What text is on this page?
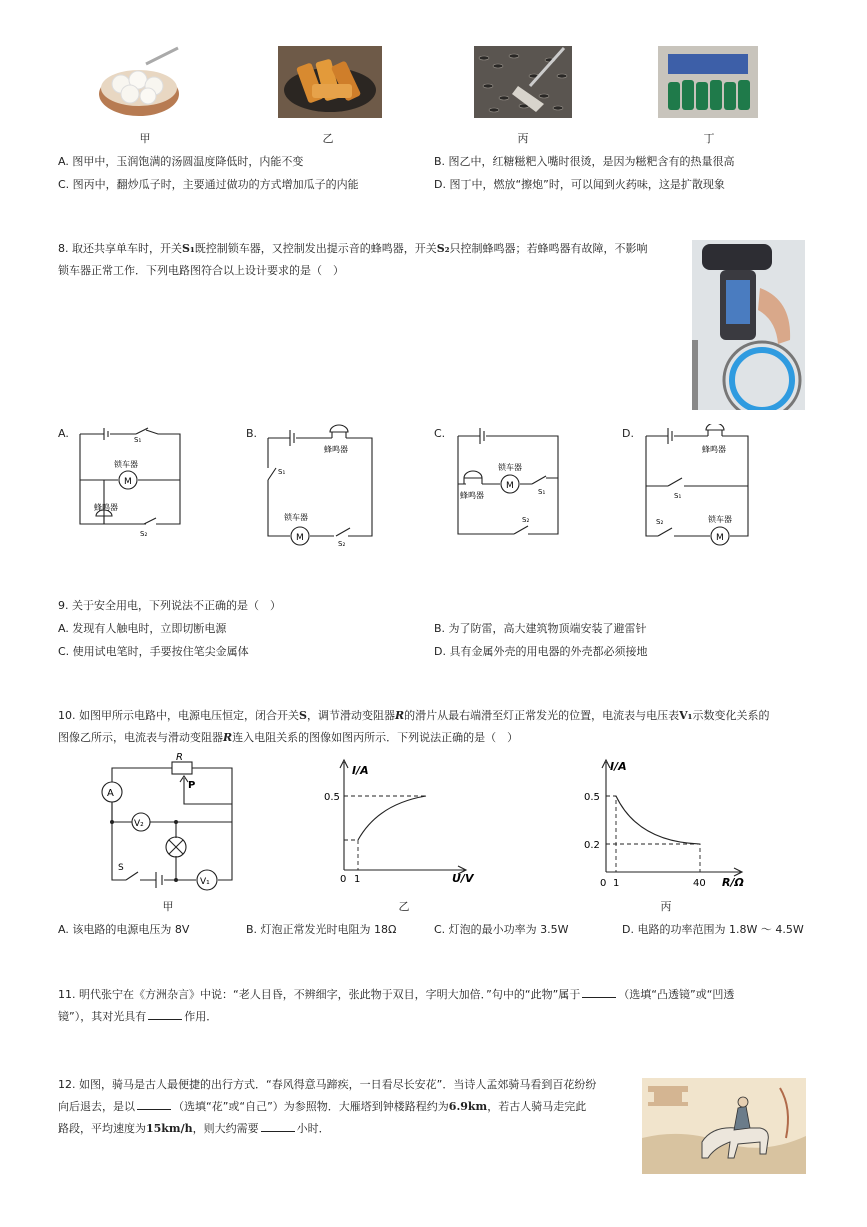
甲	乙	丙	丁
A. 图甲中，玉润饱满的汤圆温度降低时，内能不变	B. 图乙中，红糖糍粑入嘴时很烫，是因为糍粑含有的热量很高
C. 图丙中，翻炒瓜子时，主要通过做功的方式增加瓜子的内能	D. 图丁中，燃放“擦炮”时，可以闻到火药味，这是扩散现象
8. 取还共享单车时，开关S₁既控制锁车器，又控制发出提示音的蜂鸣器，开关S₂只控制蜂鸣器；若蜂鸣器有故障，不影响
锁车器正常工作．下列电路图符合以上设计要求的是（　）
A.	B.	C.	D.
M
锁车器
蜂鸣器
S₁
S₂	M
锁车器
蜂鸣器
S₁
S₂
M
锁车器
蜂鸣器	S₁
S₂
M
锁车器
蜂鸣器
S₁
S₂
9. 关于安全用电，下列说法不正确的是（　）
A. 发现有人触电时，立即切断电源	B. 为了防雷，高大建筑物顶端安装了避雷针
C. 使用试电笔时，手要按住笔尖金属体	D. 具有金属外壳的用电器的外壳都必须接地
10. 如图甲所示电路中，电源电压恒定，闭合开关S，调节滑动变阻器R的滑片从最右端滑至灯正常发光的位置，电流表与电压表V₁示数变化关系的
图像乙所示，电流表与滑动变阻器R连入电阻关系的图像如图丙所示．下列说法正确的是（　）
R
P
A
V₂
V₁
S
I/A
U/V
0.5
0 1
I/A
R/Ω
0.5
0.2
0 1	40
甲	乙	丙
A. 该电路的电源电压为 8V	B. 灯泡正常发光时电阻为 18Ω	C. 灯泡的最小功率为 3.5W	D. 电路的功率范围为 1.8W ～ 4.5W
11. 明代张宁在《方洲杂言》中说：“老人目昏，不辨细字，张此物于双目，字明大加倍．”句中的“此物”属于	（选填“凸透镜”或“凹透
镜”），其对光具有	作用．
12. 如图，骑马是古人最便捷的出行方式．“春风得意马蹄疾，一日看尽长安花”．当诗人孟郊骑马看到百花纷纷
向后退去，是以	（选填“花”或“自己”）为参照物．大雁塔到钟楼路程约为6.9km，若古人骑马走完此
路段，平均速度为15km/h，则大约需要	小时．
